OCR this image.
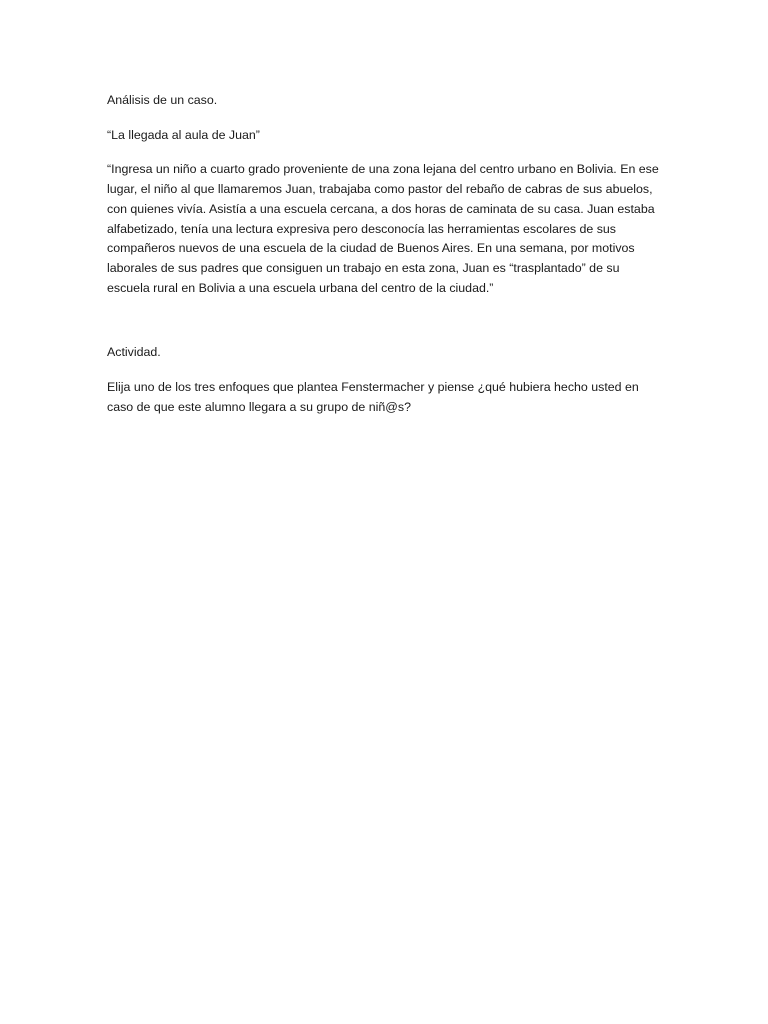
Análisis de un caso.

“La llegada al aula de Juan”

“Ingresa un niño a cuarto grado proveniente de una zona lejana del centro urbano en Bolivia. En ese lugar, el niño al que llamaremos Juan, trabajaba como pastor del rebaño de cabras de sus abuelos, con quienes vivía. Asistía a una escuela cercana, a dos horas de caminata de su casa. Juan estaba alfabetizado, tenía una lectura expresiva pero desconocía las herramientas escolares de sus compañeros nuevos de una escuela de la ciudad de Buenos Aires. En una semana, por motivos laborales de sus padres que consiguen un trabajo en esta zona, Juan es “trasplantado” de su escuela rural en Bolivia a una escuela urbana del centro de la ciudad.”

Actividad.

Elija uno de los tres enfoques que plantea Fenstermacher y piense ¿qué hubiera hecho usted en caso de que este alumno llegara a su grupo de niñ@s?
